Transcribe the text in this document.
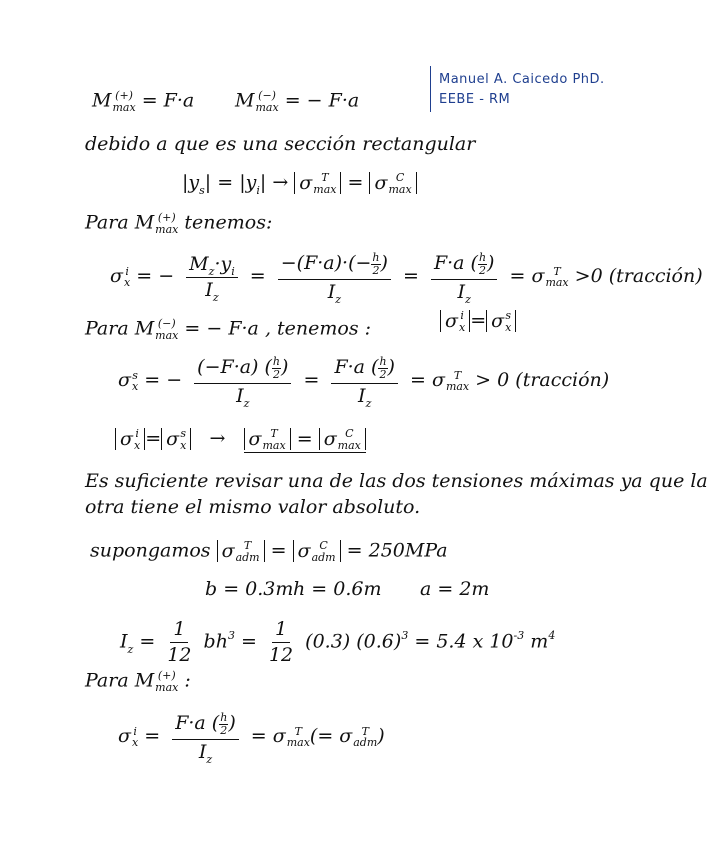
Manuel A. Caicedo PhD.
EEBE - RM
M (+)
max = F·a M (−)
max = − F·a
debido a que es una sección rectangular
$|y_s| = |y_i| \to \sigma$ T
max = σ C
max
Para M (+)
max tenemos:
σ i
x = − $\frac{M_z\cdot y_i}{I_z} = \frac{-(F\cdot a)\cdot(- \frac{h}{2} )}{I_z} = \frac{F\cdot a ( \frac{h}{2} )}{I_z} = \sigma$ T
max >0 (tracción)
Para M (−)
max = − F·a , tenemos :	σ i
x = σ s
x
σ s
x = − $\frac{(-F\cdot a) ( \frac{h}{2} )}{I_z} = \frac{F\cdot a ( \frac{h}{2} )}{I_z} = \sigma$ T
max > 0 (tracción)
σ i
x = σ s
x →   σ T
max = σ C
max
Es suficiente revisar una de las dos tensiones máximas ya que la
otra tiene el mismo valor absoluto.
supongamos σ T
adm = σ C
adm = 250MPa
b = 0.3m h = 0.6m a = 2m
$I_z = \frac{1}{12} bh^3 = \frac{1}{12} (0.3) (0.6)^3 = 5.4$ x $10^{-3}$ $m^4$
Para M (+)
max :
σ i
$x = \frac{F\cdot a ( \frac{h}{2} )}{I_z} = \sigma$ T
max (= σ T
adm )
